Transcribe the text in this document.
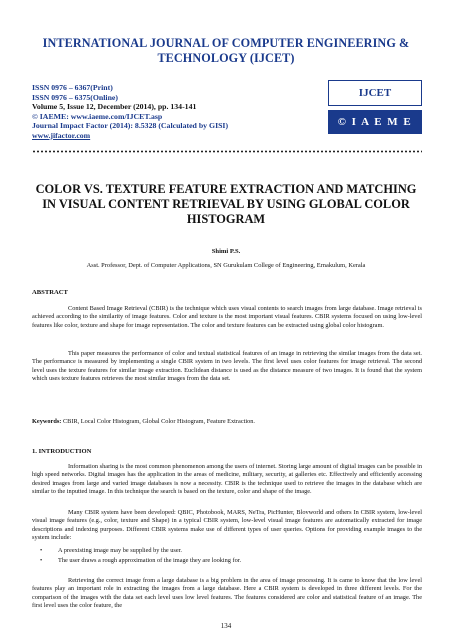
INTERNATIONAL JOURNAL OF COMPUTER ENGINEERING & TECHNOLOGY (IJCET)
ISSN 0976 – 6367(Print)
ISSN 0976 – 6375(Online)
Volume 5, Issue 12, December (2014), pp. 134-141
© IAEME: www.iaeme.com/IJCET.asp
Journal Impact Factor (2014): 8.5328 (Calculated by GISI)
www.jifactor.com
IJCET
© I A E M E
COLOR VS. TEXTURE FEATURE EXTRACTION AND MATCHING IN VISUAL CONTENT RETRIEVAL BY USING GLOBAL COLOR HISTOGRAM
Shimi P.S.
Asst. Professor, Dept. of Computer Applications, SN Gurukulam College of Engineering, Ernakulum, Kerala
ABSTRACT

Content Based Image Retrieval (CBIR) is the technique which uses visual contents to search images from large database. Image retrieval is achieved according to the similarity of image features. Color and texture is the most important visual features. CBIR systems focused on using low-level features like color, texture and shape for image representation. The color and texture features can be extracted using global color histogram.

This paper measures the performance of color and textual statistical features of an image in retrieving the similar images from the data set. The performance is measured by implementing a single CBIR system in two levels. The first level uses color features for image retrieval. The second level uses the texture features for similar image extraction. Euclidean distance is used as the distance measure of two images. It is found that the system which uses texture features retrieves the most similar images from the data set.

Keywords: CBIR, Local Color Histogram, Global Color Histogram, Feature Extraction.

1. INTRODUCTION

Information sharing is the most common phenomenon among the users of internet. Storing large amount of digital images can be possible in high speed networks. Digital images has the application in the areas of medicine, military, security, at galleries etc. Effectively and efficiently accessing desired images from large and varied image databases is now a necessity. CBIR is the technique used to retrieve the images in the database which are similar to the inputted image. In this technique the search is based on the texture, color and shape of the image.

Many CBIR system have been developed: QBIC, Photobook, MARS, NeTra, PicHunter, Blovworld and others In CBIR system, low-level visual image features (e.g., color, texture and Shape) in a typical CBIR system, low-level visual image features are automatically extracted for image descriptions and indexing purposes. Different CBIR systems make use of different types of user queries. Options for providing example images to the system include:

•	A preexisting image may be supplied by the user.
•	The user draws a rough approximation of the image they are looking for.

Retrieving the correct image from a large database is a big problem in the area of image processing. It is came to know that the low level features play an important role in extracting the images from a large database. Here a CBIR system is developed in three different levels. For the comparison of the images with the data set each level uses low level features. The features considered are color and statistical feature of an image. The first level uses the color feature, the

134
